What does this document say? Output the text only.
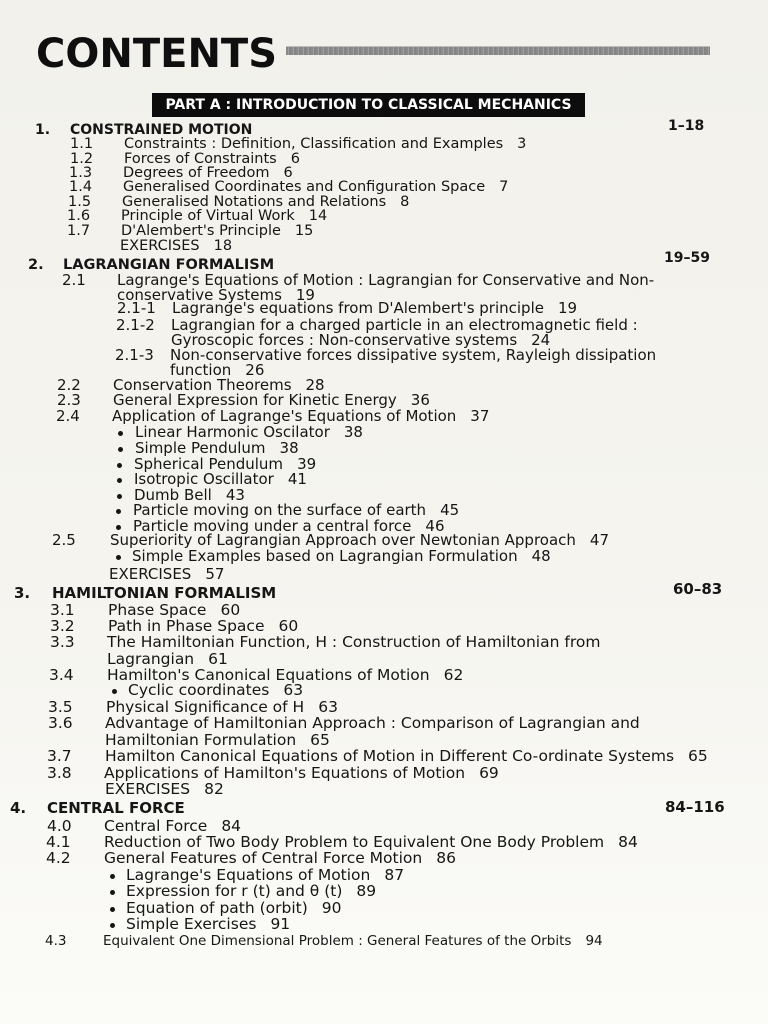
CONTENTS
PART A : INTRODUCTION TO CLASSICAL MECHANICS
1. CONSTRAINED MOTION	1–18
1.1 Constraints : Definition, Classification and Examples 3
1.2 Forces of Constraints 6
1.3 Degrees of Freedom 6
1.4 Generalised Coordinates and Configuration Space 7
1.5 Generalised Notations and Relations 8
1.6 Principle of Virtual Work 14
1.7 D'Alembert's Principle 15
EXERCISES 18
2. LAGRANGIAN FORMALISM	19–59
2.1 Lagrange's Equations of Motion : Lagrangian for Conservative and Non-
conservative Systems 19
2.1-1 Lagrange's equations from D'Alembert's principle 19
2.1-2 Lagrangian for a charged particle in an electromagnetic field :
Gyroscopic forces : Non-conservative systems 24
2.1-3 Non-conservative forces dissipative system, Rayleigh dissipation
function 26
2.2 Conservation Theorems 28
2.3 General Expression for Kinetic Energy 36
2.4 Application of Lagrange's Equations of Motion 37
Linear Harmonic Oscilator 38
Simple Pendulum 38
Spherical Pendulum 39
Isotropic Oscillator 41
Dumb Bell 43
Particle moving on the surface of earth 45
Particle moving under a central force 46
2.5 Superiority of Lagrangian Approach over Newtonian Approach 47
Simple Examples based on Lagrangian Formulation 48
EXERCISES 57
3. HAMILTONIAN FORMALISM	60–83
3.1 Phase Space 60
3.2 Path in Phase Space 60
3.3 The Hamiltonian Function, H : Construction of Hamiltonian from
Lagrangian 61
3.4 Hamilton's Canonical Equations of Motion 62
Cyclic coordinates 63
3.5 Physical Significance of H 63
3.6 Advantage of Hamiltonian Approach : Comparison of Lagrangian and
Hamiltonian Formulation 65
3.7 Hamilton Canonical Equations of Motion in Different Co-ordinate Systems 65
3.8 Applications of Hamilton's Equations of Motion 69
EXERCISES 82
4. CENTRAL FORCE	84–116
4.0 Central Force 84
4.1 Reduction of Two Body Problem to Equivalent One Body Problem 84
4.2 General Features of Central Force Motion 86
Lagrange's Equations of Motion 87
Expression for r (t) and θ (t) 89
Equation of path (orbit) 90
Simple Exercises 91
4.3	Equivalent One Dimensional Problem : General Features of the Orbits 94
